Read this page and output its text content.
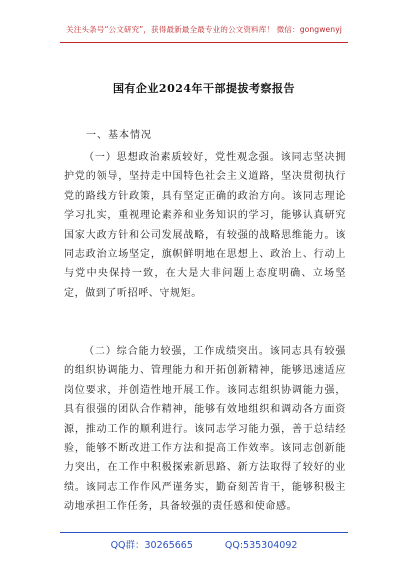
关注头条号“公文研究”，获得最新最全最专业的公文资料库！ 微信：gongwenyj
国有企业2024年干部提拔考察报告
一、基本情况

（一）思想政治素质较好，党性观念强。该同志坚决拥护党的领导，坚持走中国特色社会主义道路，坚决贯彻执行党的路线方针政策，具有坚定正确的政治方向。该同志理论学习扎实，重视理论素养和业务知识的学习，能够认真研究国家大政方针和公司发展战略，有较强的战略思维能力。该同志政治立场坚定，旗帜鲜明地在思想上、政治上、行动上与党中央保持一致，在大是大非问题上态度明确、立场坚定，做到了听招呼、守规矩。

（二）综合能力较强，工作成绩突出。该同志具有较强的组织协调能力、管理能力和开拓创新精神，能够迅速适应岗位要求，并创造性地开展工作。该同志组织协调能力强，具有很强的团队合作精神，能够有效地组织和调动各方面资源，推动工作的顺利进行。该同志学习能力强，善于总结经验，能够不断改进工作方法和提高工作效率。该同志创新能力突出，在工作中积极探索新思路、新方法取得了较好的业绩。该同志工作作风严谨务实，勤奋刻苦肯干，能够积极主动地承担工作任务，具备较强的责任感和使命感。

QQ群：30265665	QQ:535304092
